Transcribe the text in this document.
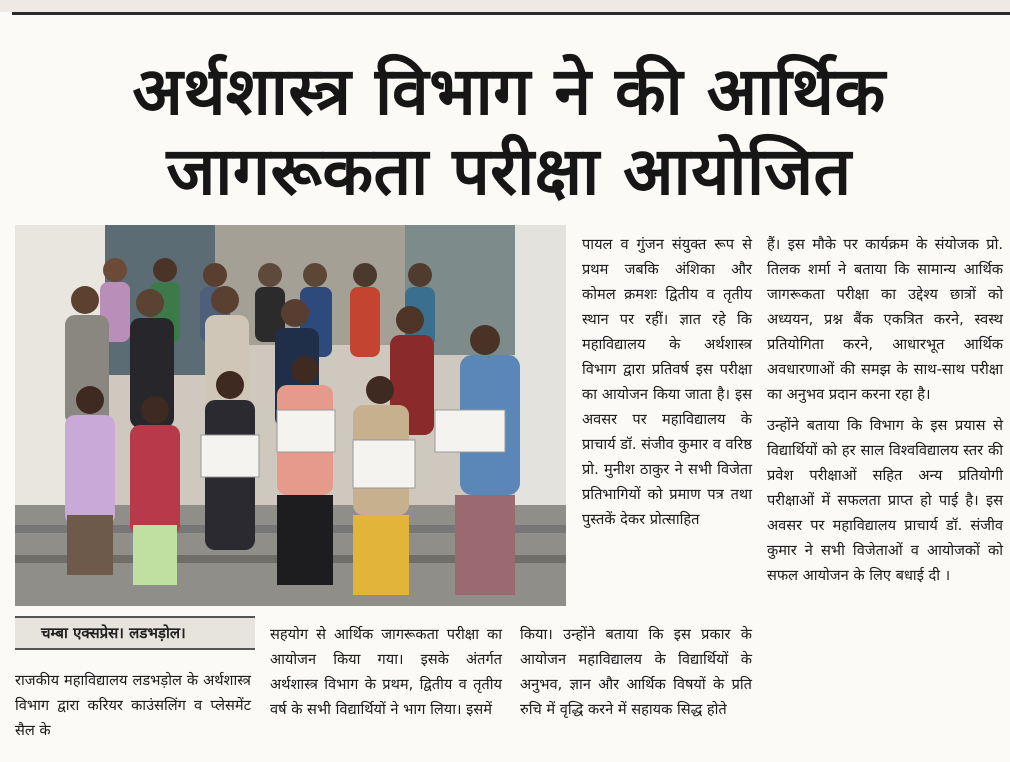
अर्थशास्त्र विभाग ने की आर्थिक
जागरूकता परीक्षा आयोजित

पायल व गुंजन संयुक्त रूप से प्रथम जबकि अंशिका और कोमल क्रमशः द्वितीय व तृतीय स्थान पर रहीं। ज्ञात रहे कि महाविद्यालय के अर्थशास्त्र विभाग द्वारा प्रतिवर्ष इस परीक्षा का आयोजन किया जाता है। इस अवसर पर महाविद्यालय के प्राचार्य डॉ. संजीव कुमार व वरिष्ठ प्रो. मुनीश ठाकुर ने सभी विजेता प्रतिभागियों को प्रमाण पत्र तथा पुस्तकें देकर प्रोत्साहित

हैं। इस मौके पर कार्यक्रम के संयोजक प्रो. तिलक शर्मा ने बताया कि सामान्य आर्थिक जागरूकता परीक्षा का उद्देश्य छात्रों को अध्ययन, प्रश्न बैंक एकत्रित करने, स्वस्थ प्रतियोगिता करने, आधारभूत आर्थिक अवधारणाओं की समझ के साथ-साथ परीक्षा का अनुभव प्रदान करना रहा है।

उन्होंने बताया कि विभाग के इस प्रयास से विद्यार्थियों को हर साल विश्वविद्यालय स्तर की प्रवेश परीक्षाओं सहित अन्य प्रतियोगी परीक्षाओं में सफलता प्राप्त हो पाई है। इस अवसर पर महाविद्यालय प्राचार्य डॉ. संजीव कुमार ने सभी विजेताओं व आयोजकों को सफल आयोजन के लिए बधाई दी ।

चम्बा एक्सप्रेस। लडभड़ोल।

राजकीय महाविद्यालय लडभड़ोल के अर्थशास्त्र विभाग द्वारा करियर काउंसलिंग व प्लेसमेंट सैल के

सहयोग से आर्थिक जागरूकता परीक्षा का आयोजन किया गया। इसके अंतर्गत अर्थशास्त्र विभाग के प्रथम, द्वितीय व तृतीय वर्ष के सभी विद्यार्थियों ने भाग लिया। इसमें

किया। उन्होंने बताया कि इस प्रकार के आयोजन महाविद्यालय के विद्यार्थियों के अनुभव, ज्ञान और आर्थिक विषयों के प्रति रुचि में वृद्धि करने में सहायक सिद्ध होते
